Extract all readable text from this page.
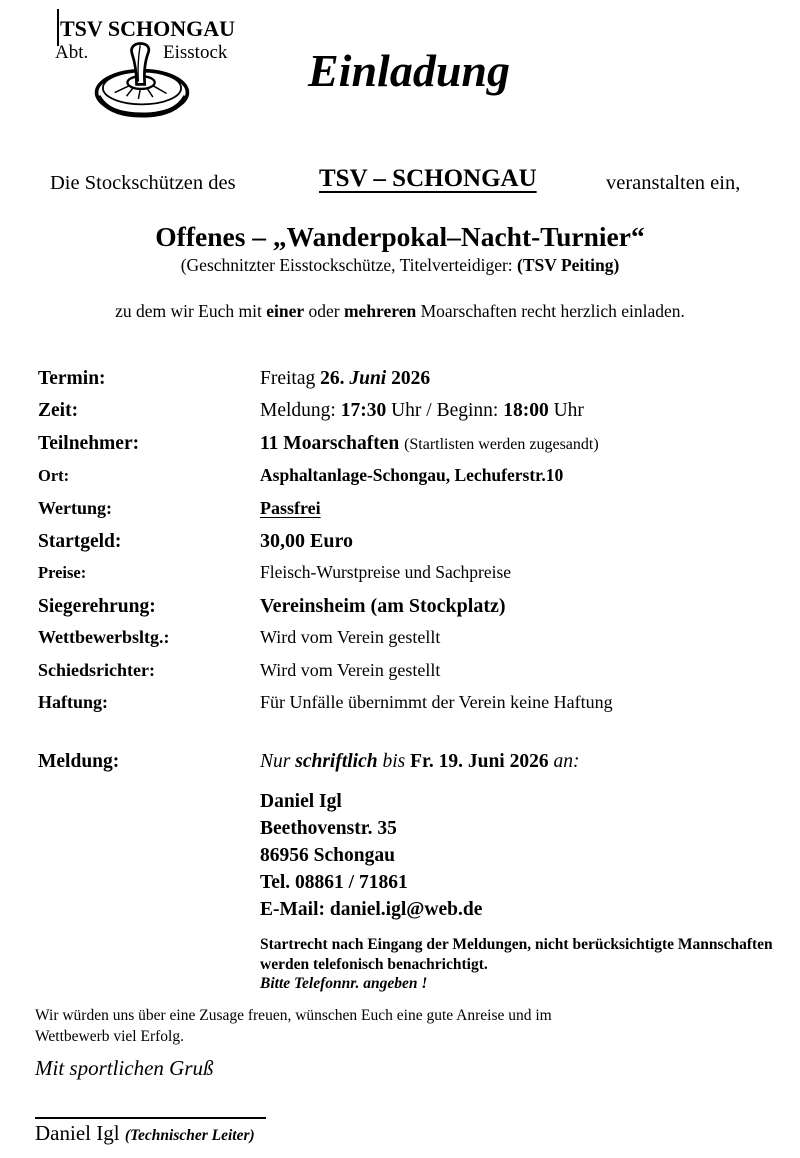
TSV SCHONGAU
Abt.	Eisstock Einladung
Die Stockschützen des	TSV – SCHONGAU	veranstalten ein,
Offenes – „Wanderpokal–Nacht-Turnier“
(Geschnitzter Eisstockschütze, Titelverteidiger: (TSV Peiting)
zu dem wir Euch mit einer oder mehreren Moarschaften recht herzlich einladen.
Termin:	Freitag 26. Juni 2026
Zeit:	Meldung: 17:30 Uhr / Beginn: 18:00 Uhr
Teilnehmer:	11 Moarschaften (Startlisten werden zugesandt)
Ort:	Asphaltanlage-Schongau, Lechuferstr.10
Wertung:	Passfrei
Startgeld:	30,00 Euro
Preise:	Fleisch-Wurstpreise und Sachpreise
Siegerehrung:	Vereinsheim (am Stockplatz)
Wettbewerbsltg.:	Wird vom Verein gestellt
Schiedsrichter:	Wird vom Verein gestellt
Haftung:	Für Unfälle übernimmt der Verein keine Haftung
Meldung:	Nur schriftlich bis Fr. 19. Juni 2026 an:
Daniel Igl
Beethovenstr. 35
86956 Schongau
Tel. 08861 / 71861
E-Mail: daniel.igl@web.de
Startrecht nach Eingang der Meldungen, nicht berücksichtigte Mannschaften
werden telefonisch benachrichtigt.
Bitte Telefonnr. angeben !
Wir würden uns über eine Zusage freuen, wünschen Euch eine gute Anreise und im
Wettbewerb viel Erfolg.
Mit sportlichen Gruß
Daniel Igl (Technischer Leiter)
